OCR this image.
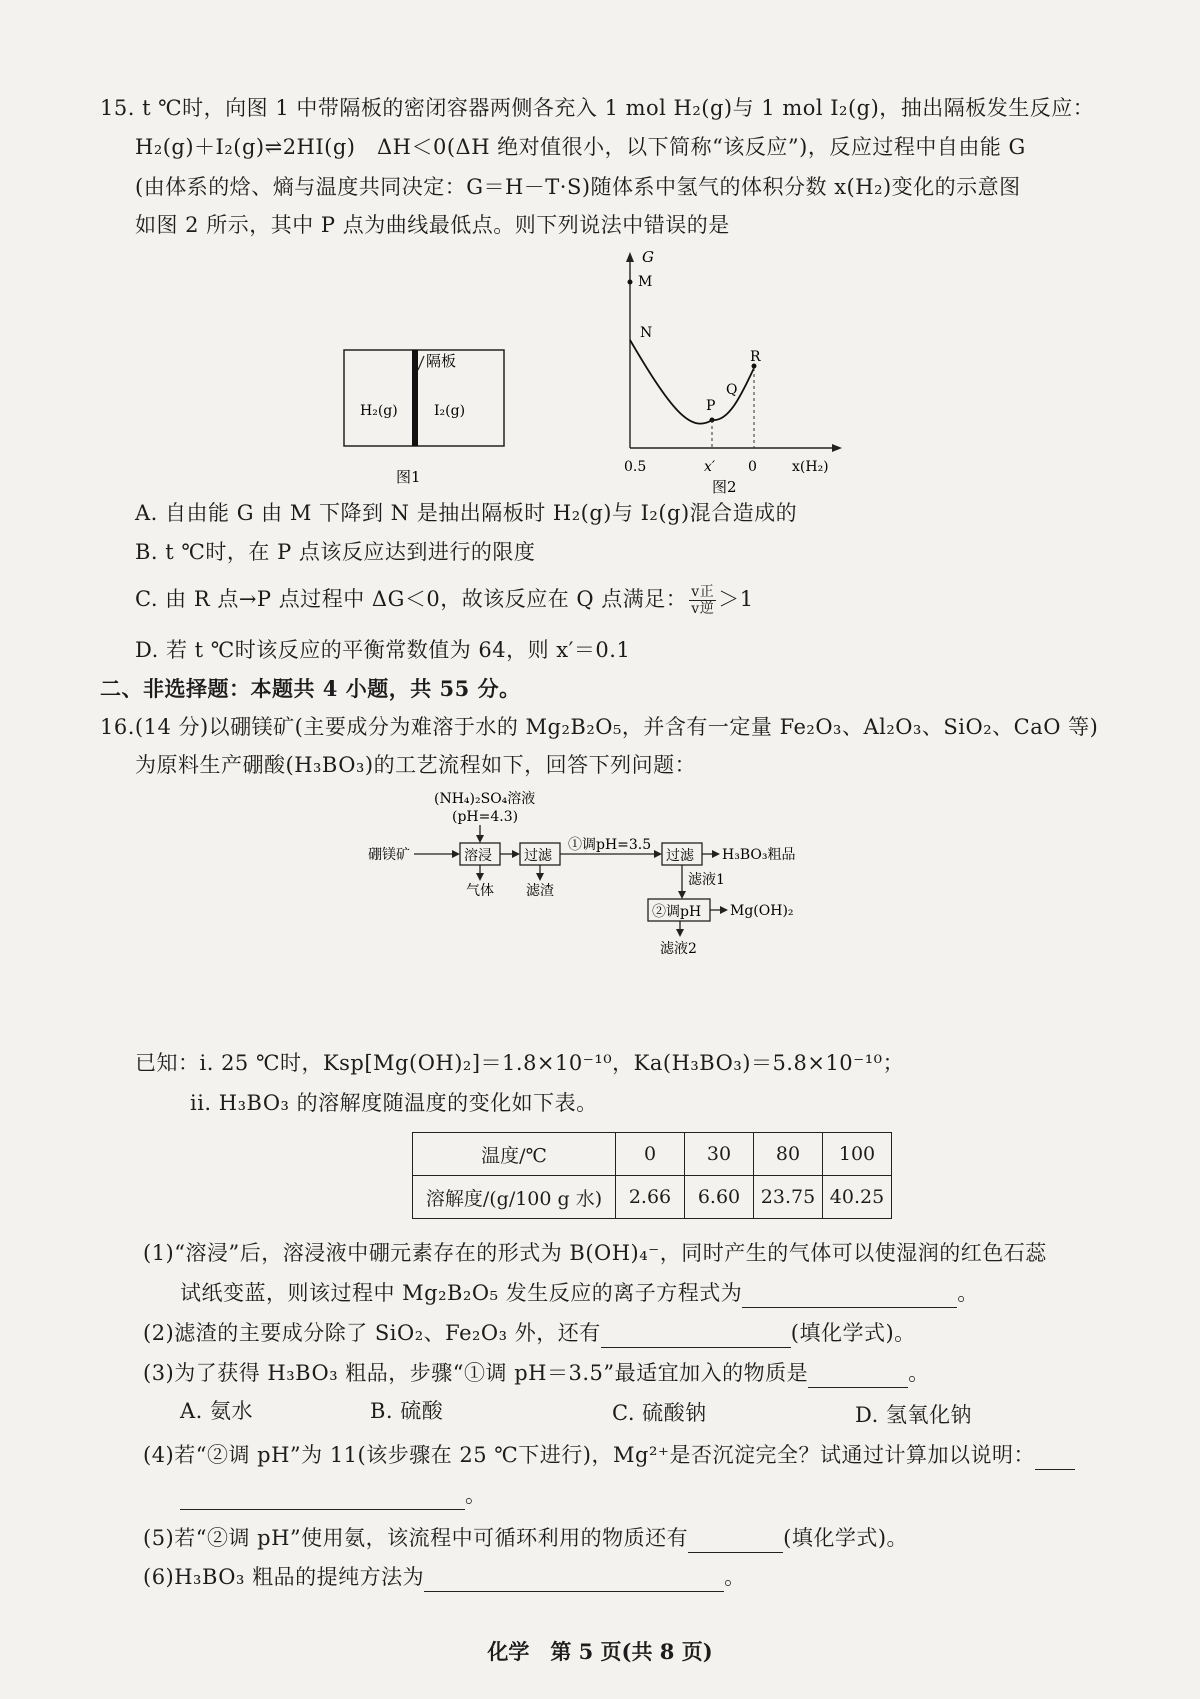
15. t ℃时，向图 1 中带隔板的密闭容器两侧各充入 1 mol H₂(g)与 1 mol I₂(g)，抽出隔板发生反应：
H₂(g)＋I₂(g)⇌2HI(g)　ΔH＜0(ΔH 绝对值很小，以下简称“该反应”)，反应过程中自由能 G
(由体系的焓、熵与温度共同决定：G＝H－T·S)随体系中氢气的体积分数 x(H₂)变化的示意图
如图 2 所示，其中 P 点为曲线最低点。则下列说法中错误的是
隔板
H₂(g)	I₂(g)
图1
G
M
N
P
Q
R
0.5	x′ 0	x(H₂)
图2
A. 自由能 G 由 M 下降到 N 是抽出隔板时 H₂(g)与 I₂(g)混合造成的
B. t ℃时，在 P 点该反应达到进行的限度
C. 由 R 点→P 点过程中 ΔG＜0，故该反应在 Q 点满足： $\frac{\text{v正}}{\text{v逆}} >1$
D. 若 t ℃时该反应的平衡常数值为 64，则 x′＝0.1
二、非选择题：本题共 4 小题，共 55 分。
16.(14 分)以硼镁矿(主要成分为难溶于水的 Mg₂B₂O₅，并含有一定量 Fe₂O₃、Al₂O₃、SiO₂、CaO 等)
为原料生产硼酸(H₃BO₃)的工艺流程如下，回答下列问题：
(NH₄)₂SO₄溶液
(pH=4.3)
硼镁矿	溶浸
气体
过滤
滤渣
①调pH=3.5
过滤 H₃BO₃粗品
滤液1
②调pH Mg(OH)₂
滤液2
已知：i. 25 ℃时，Ksp[Mg(OH)₂]＝1.8×10⁻¹⁰，Ka(H₃BO₃)＝5.8×10⁻¹⁰；
ii. H₃BO₃ 的溶解度随温度的变化如下表。
温度/℃	0	30	80	100
溶解度/(g/100 g 水)	2.66	6.60	23.75	40.25
(1)“溶浸”后，溶浸液中硼元素存在的形式为 B(OH)₄⁻，同时产生的气体可以使湿润的红色石蕊
试纸变蓝，则该过程中 Mg₂B₂O₅ 发生反应的离子方程式为	。
(2)滤渣的主要成分除了 SiO₂、Fe₂O₃ 外，还有	(填化学式)。
(3)为了获得 H₃BO₃ 粗品，步骤“①调 pH＝3.5”最适宜加入的物质是	。
A. 氨水	B. 硫酸	C. 硫酸钠	D. 氢氧化钠
(4)若“②调 pH”为 11(该步骤在 25 ℃下进行)，Mg²⁺是否沉淀完全？试通过计算加以说明：
。
(5)若“②调 pH”使用氨，该流程中可循环利用的物质还有	(填化学式)。
(6)H₃BO₃ 粗品的提纯方法为	。
化学　第 5 页(共 8 页)
